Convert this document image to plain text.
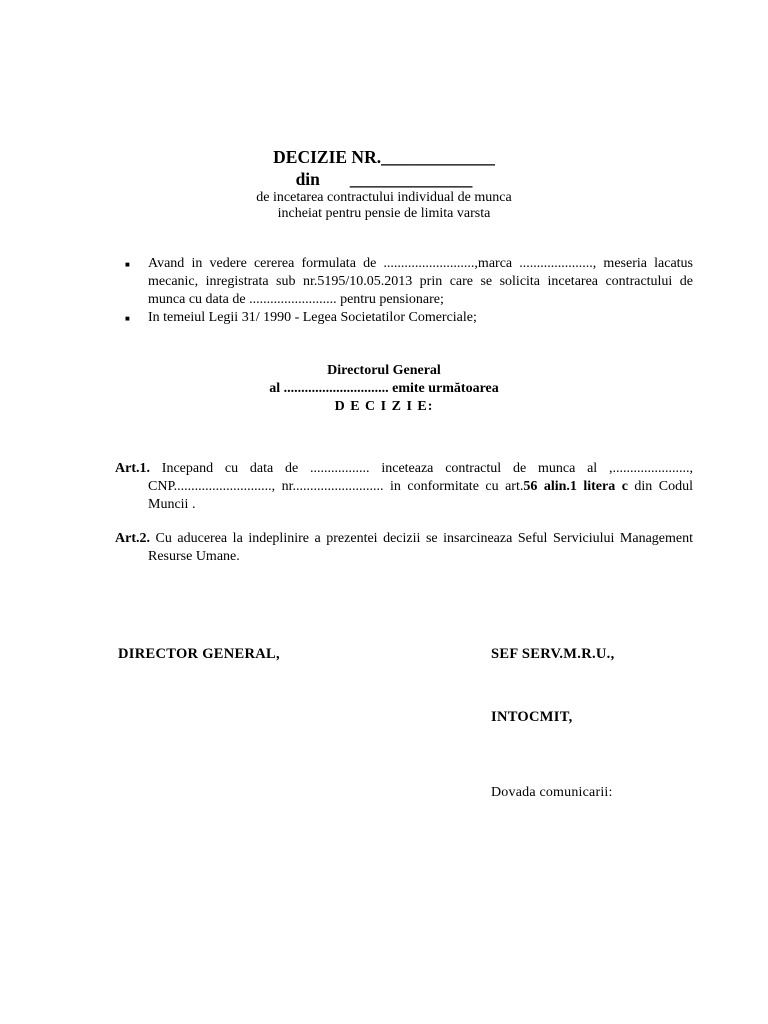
DECIZIE NR._____________
din ______________
de incetarea contractului individual de munca
incheiat pentru pensie de limita varsta
■ Avand in vedere cererea formulata de ..........................,marca ....................., meseria lacatus mecanic, inregistrata sub nr.5195/10.05.2013 prin care se solicita incetarea contractului de munca cu data de ......................... pentru pensionare;
■ In temeiul Legii 31/ 1990 - Legea Societatilor Comerciale;
Directorul General
al .............................. emite următoarea
D E C I Z I E:

Art.1. Incepand cu data de ................. inceteaza contractul de munca al ,......................, CNP............................, nr.......................... in conformitate cu art.56 alin.1 litera c din Codul Muncii .

Art.2. Cu aducerea la indeplinire a prezentei decizii se insarcineaza Seful Serviciului Management Resurse Umane.

DIRECTOR GENERAL,	SEF SERV.M.R.U.,
INTOCMIT,
Dovada comunicarii:
